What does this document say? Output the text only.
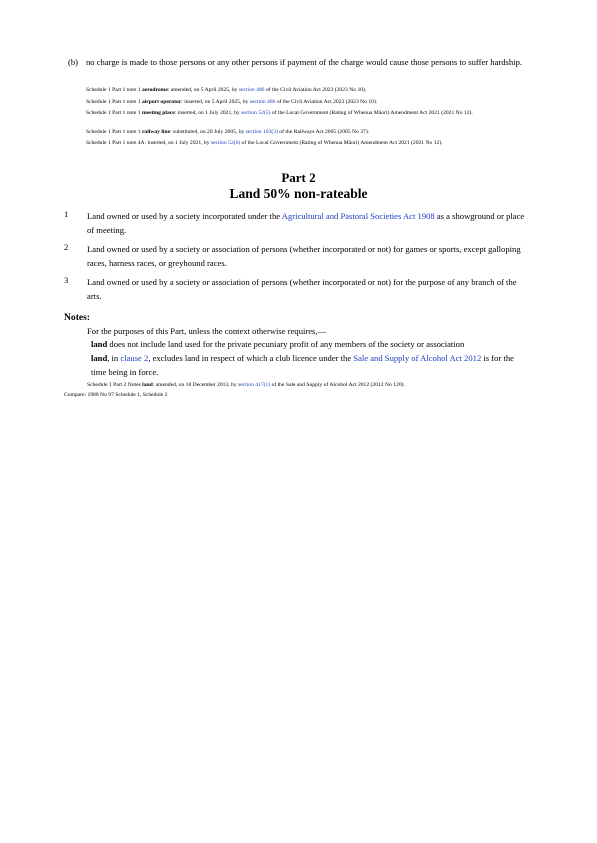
(b) no charge is made to those persons or any other persons if payment of the charge would cause those persons to suffer hardship.
Schedule 1 Part 1 note 1 aerodrome: amended, on 5 April 2025, by section 486 of the Civil Aviation Act 2023 (2023 No 10).
Schedule 1 Part 1 note 1 airport operator: inserted, on 5 April 2025, by section 486 of the Civil Aviation Act 2023 (2023 No 10).
Schedule 1 Part 1 note 1 meeting place: inserted, on 1 July 2021, by section 52(5) of the Local Government (Rating of Whenua Māori) Amendment Act 2021 (2021 No 12).
Schedule 1 Part 1 note 1 railway line: substituted, on 20 July 2005, by section 103(3) of the Railways Act 2005 (2005 No 37).
Schedule 1 Part 1 note 4A: inserted, on 1 July 2021, by section 52(6) of the Local Government (Rating of Whenua Māori) Amendment Act 2021 (2021 No 12).
Part 2
Land 50% non-rateable
1 Land owned or used by a society incorporated under the Agricultural and Pastoral Societies Act 1908 as a showground or place of meeting.
2 Land owned or used by a society or association of persons (whether incorporated or not) for games or sports, except galloping races, harness races, or greyhound races.
3 Land owned or used by a society or association of persons (whether incorporated or not) for the purpose of any branch of the arts.
Notes:
For the purposes of this Part, unless the context otherwise requires,—
land does not include land used for the private pecuniary profit of any members of the society or association
land, in clause 2, excludes land in respect of which a club licence under the Sale and Supply of Alcohol Act 2012 is for the time being in force.
Schedule 1 Part 2 Notes land: amended, on 18 December 2013, by section 417(1) of the Sale and Supply of Alcohol Act 2012 (2012 No 120).
Compare: 1988 No 97 Schedule 1, Schedule 2
